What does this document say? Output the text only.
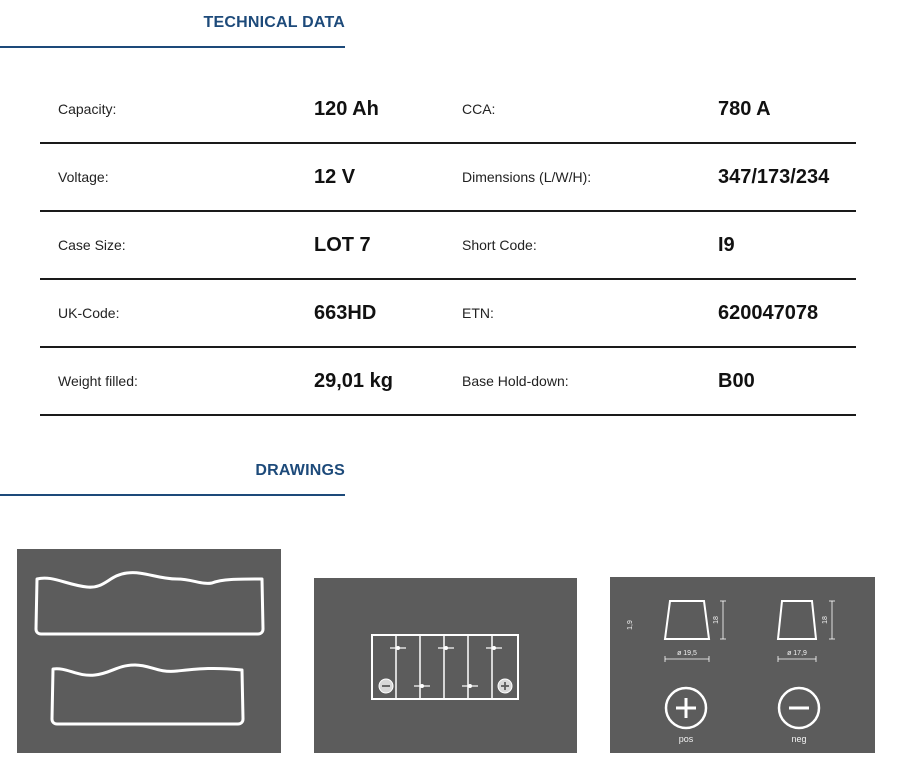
TECHNICAL DATA
Capacity:	120 Ah	CCA:	780 A
Voltage:	12 V	Dimensions (L/W/H):	347/173/234
Case Size:	LOT 7	Short Code:	I9
UK-Code:	663HD	ETN:	620047078
Weight filled:	29,01 kg	Base Hold-down:	B00
DRAWINGS
1,9
18
ø 19,5
18
ø 17,9
pos	neg
